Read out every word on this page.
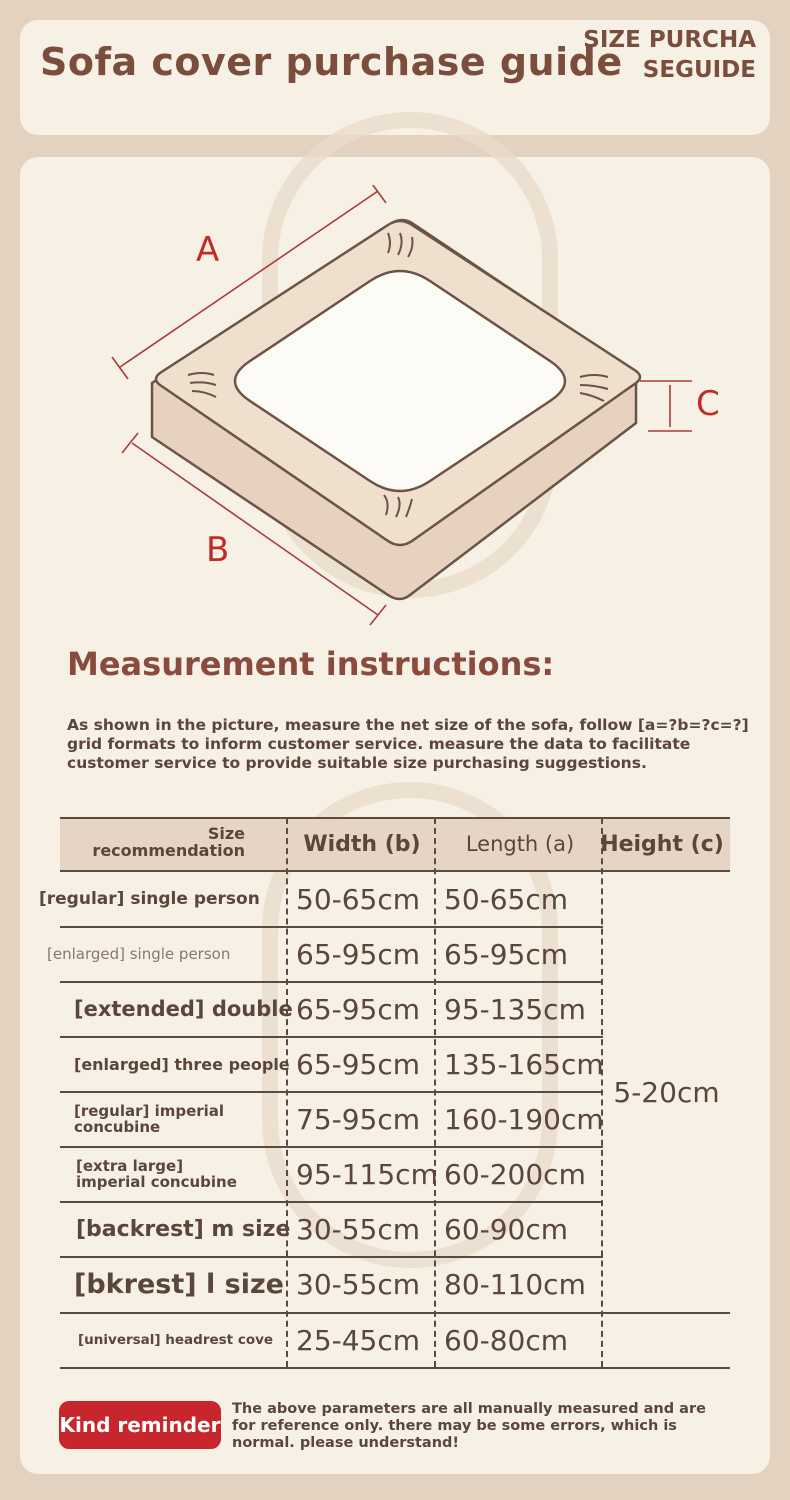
Sofa cover purchase guide
SIZE PURCHA
SEGUIDE
A
B
C
Measurement instructions:
As shown in the picture, measure the net size of the sofa, follow [a=?b=?c=?] grid formats to inform customer service. measure the data to facilitate customer service to provide suitable size purchasing suggestions.
Size
recommendation	Width (b)	Length (a)	Height (c)
5-20cm
[regular] single person	50-65cm 50-65cm
[enlarged] single person	65-95cm 65-95cm
[extended] double 65-95cm 95-135cm
[enlarged] three people 65-95cm 135-165cm
[regular] imperial concubine	75-95cm 160-190cm
[extra large] imperial concubine	95-115cm 60-200cm
[backrest] m size 30-55cm 60-90cm
[bkrest] l size 30-55cm 80-110cm
[universal] headrest cove 25-45cm 60-80cm
Kind reminder
The above parameters are all manually measured and are for reference only. there may be some errors, which is normal. please understand!
